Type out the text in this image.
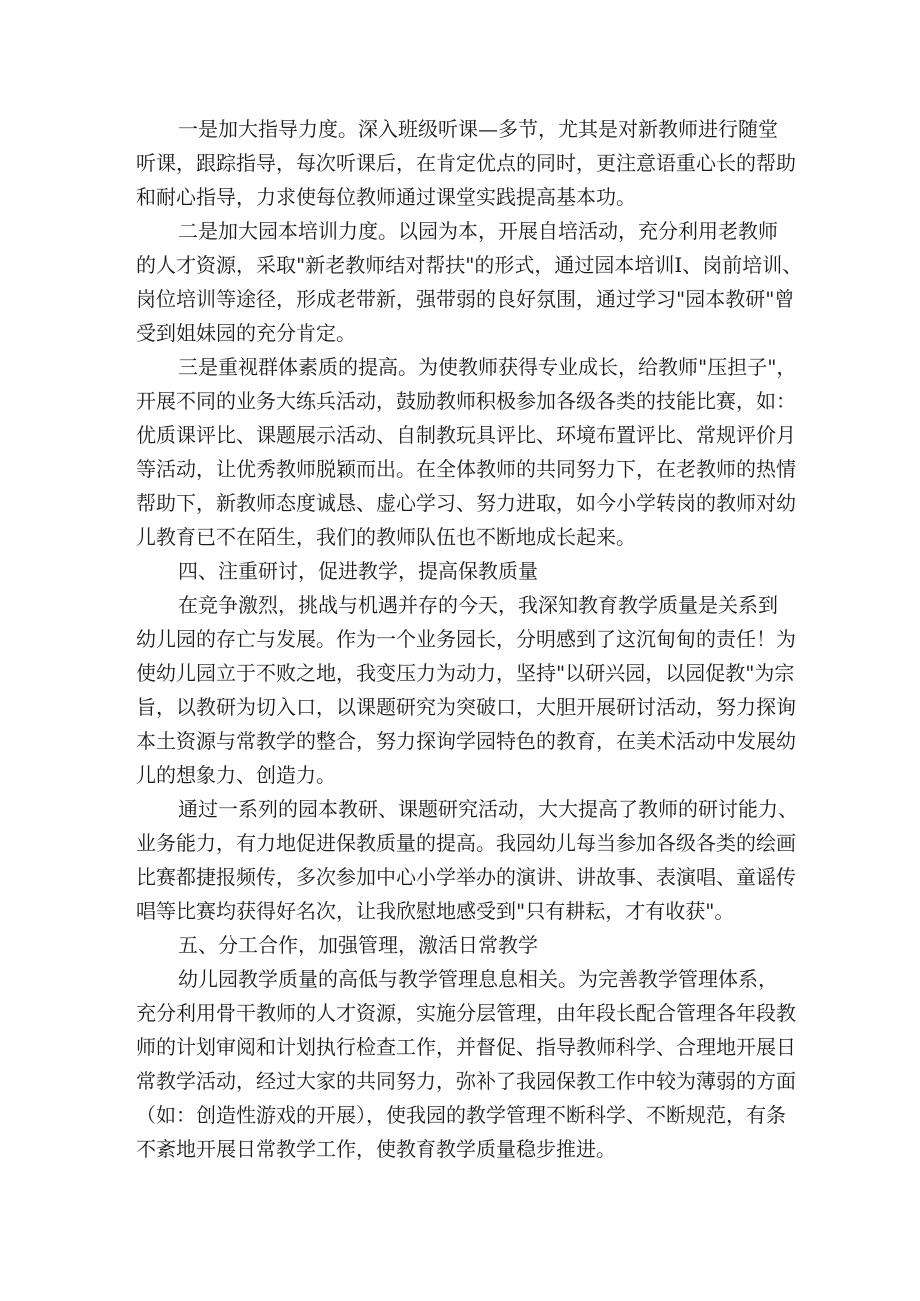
一是加大指导力度。深入班级听课—多节，尤其是对新教师进行随堂
听课，跟踪指导，每次听课后，在肯定优点的同时，更注意语重心长的帮助
和耐心指导，力求使每位教师通过课堂实践提高基本功。

二是加大园本培训力度。以园为本，开展自培活动，充分利用老教师
的人才资源，采取"新老教师结对帮扶"的形式，通过园本培训I、岗前培训、
岗位培训等途径，形成老带新，强带弱的良好氛围，通过学习"园本教研"曾
受到姐妹园的充分肯定。

三是重视群体素质的提高。为使教师获得专业成长，给教师"压担子"，
开展不同的业务大练兵活动，鼓励教师积极参加各级各类的技能比赛，如：
优质课评比、课题展示活动、自制教玩具评比、环境布置评比、常规评价月
等活动，让优秀教师脱颖而出。在全体教师的共同努力下，在老教师的热情
帮助下，新教师态度诚恳、虚心学习、努力进取，如今小学转岗的教师对幼
儿教育已不在陌生，我们的教师队伍也不断地成长起来。

四、注重研讨，促进教学，提高保教质量

在竞争激烈，挑战与机遇并存的今天，我深知教育教学质量是关系到
幼儿园的存亡与发展。作为一个业务园长，分明感到了这沉甸甸的责任！为
使幼儿园立于不败之地，我变压力为动力，坚持"以研兴园，以园促教"为宗
旨，以教研为切入口，以课题研究为突破口，大胆开展研讨活动，努力探询
本土资源与常教学的整合，努力探询学园特色的教育，在美术活动中发展幼
儿的想象力、创造力。

通过一系列的园本教研、课题研究活动，大大提高了教师的研讨能力、
业务能力，有力地促进保教质量的提高。我园幼儿每当参加各级各类的绘画
比赛都捷报频传，多次参加中心小学举办的演讲、讲故事、表演唱、童谣传
唱等比赛均获得好名次，让我欣慰地感受到"只有耕耘，才有收获"。

五、分工合作，加强管理，激活日常教学

幼儿园教学质量的高低与教学管理息息相关。为完善教学管理体系，
充分利用骨干教师的人才资源，实施分层管理，由年段长配合管理各年段教
师的计划审阅和计划执行检查工作，并督促、指导教师科学、合理地开展日
常教学活动，经过大家的共同努力，弥补了我园保教工作中较为薄弱的方面
（如：创造性游戏的开展），使我园的教学管理不断科学、不断规范，有条
不紊地开展日常教学工作，使教育教学质量稳步推进。
